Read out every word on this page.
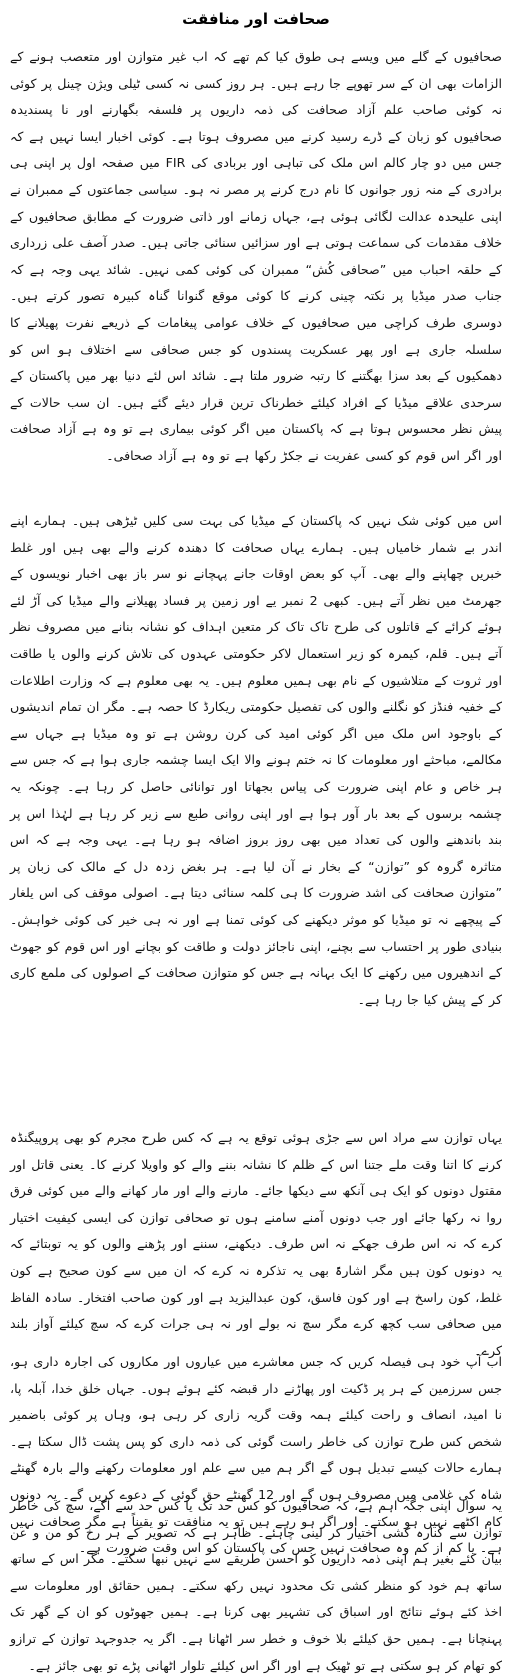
صحافت اور منافقت

صحافیوں کے گلے میں ویسے ہی طوق کیا کم تھے کہ اب غیر متوازن اور متعصب ہونے کے الزامات بھی ان کے سر تھوپے جا رہے ہیں۔ ہر روز کسی نہ کسی ٹیلی ویژن چینل پر کوئی نہ کوئی صاحب علم آزاد صحافت کی ذمہ داریوں پر فلسفہ بگھارنے اور نا پسندیدہ صحافیوں کو زبان کے ڈرے رسید کرنے میں مصروف ہوتا ہے۔ کوئی اخبار ایسا نہیں ہے کہ جس میں دو چار کالم اس ملک کی تباہی اور بربادی کی FIR میں صفحہ اول پر اپنی ہی برادری کے منہ زور جوانوں کا نام درج کرنے پر مصر نہ ہو۔ سیاسی جماعتوں کے ممبران نے اپنی علیحدہ عدالت لگائی ہوئی ہے، جہاں زمانے اور ذاتی ضرورت کے مطابق صحافیوں کے خلاف مقدمات کی سماعت ہوتی ہے اور سزائیں سنائی جاتی ہیں۔ صدر آصف علی زرداری کے حلقہ احباب میں ”صحافی کُش“ ممبران کی کوئی کمی نہیں۔ شائد یہی وجہ ہے کہ جناب صدر میڈیا پر نکتہ چینی کرنے کا کوئی موقع گنوانا گناہ کبیرہ تصور کرتے ہیں۔ دوسری طرف کراچی میں صحافیوں کے خلاف عوامی پیغامات کے ذریعے نفرت پھیلانے کا سلسلہ جاری ہے اور پھر عسکریت پسندوں کو جس صحافی سے اختلاف ہو اس کو دھمکیوں کے بعد سزا بھگتنے کا رتبہ ضرور ملتا ہے۔ شائد اس لئے دنیا بھر میں پاکستان کے سرحدی علاقے میڈیا کے افراد کیلئے خطرناک ترین قرار دیئے گئے ہیں۔ ان سب حالات کے پیش نظر محسوس ہوتا ہے کہ پاکستان میں اگر کوئی بیماری ہے تو وہ ہے آزاد صحافت اور اگر اس قوم کو کسی عفریت نے جکڑ رکھا ہے تو وہ ہے آزاد صحافی۔

اس میں کوئی شک نہیں کہ پاکستان کے میڈیا کی بہت سی کلیں ٹیڑھی ہیں۔ ہمارے اپنے اندر بے شمار خامیاں ہیں۔ ہمارے یہاں صحافت کا دھندہ کرنے والے بھی ہیں اور غلط خبریں چھاپنے والے بھی۔ آپ کو بعض اوقات جانے پہچانے نو سر باز بھی اخبار نویسوں کے جھرمٹ میں نظر آتے ہیں۔ کبھی 2 نمبر یے اور زمین پر فساد پھیلانے والے میڈیا کی آڑ لئے ہوئے کرائے کے قاتلوں کی طرح تاک تاک کر متعین اہداف کو نشانہ بنانے میں مصروف نظر آتے ہیں۔ قلم، کیمرہ کو زیر استعمال لاکر حکومتی عہدوں کی تلاش کرنے والوں یا طاقت اور ثروت کے متلاشیوں کے نام بھی ہمیں معلوم ہیں۔ یہ بھی معلوم ہے کہ وزارت اطلاعات کے خفیہ فنڈز کو نگلنے والوں کی تفصیل حکومتی ریکارڈ کا حصہ ہے۔ مگر ان تمام اندیشوں کے باوجود اس ملک میں اگر کوئی امید کی کرن روشن ہے تو وہ میڈیا ہے جہاں سے مکالمے، مباحثے اور معلومات کا نہ ختم ہونے والا ایک ایسا چشمہ جاری ہوا ہے کہ جس سے ہر خاص و عام اپنی ضرورت کی پیاس بجھاتا اور توانائی حاصل کر رہا ہے۔ چونکہ یہ چشمہ برسوں کے بعد بار آور ہوا ہے اور اپنی روانی طبع سے زیر کر رہا ہے لہٰذا اس پر بند باندھنے والوں کی تعداد میں بھی روز بروز اضافہ ہو رہا ہے۔ یہی وجہ ہے کہ اس متاثرہ گروہ کو ”توازن“ کے بخار نے آن لیا ہے۔ ہر بغض زدہ دل کے مالک کی زبان پر ”متوازن صحافت کی اشد ضرورت کا ہی کلمہ سنائی دیتا ہے۔ اصولی موقف کی اس یلغار کے پیچھے نہ تو میڈیا کو موثر دیکھنے کی کوئی تمنا ہے اور نہ ہی خیر کی کوئی خواہش۔ بنیادی طور پر احتساب سے بچنے، اپنی ناجائز دولت و طاقت کو بچانے اور اس قوم کو جھوٹ کے اندھیروں میں رکھنے کا ایک بہانہ ہے جس کو متوازن صحافت کے اصولوں کی ملمع کاری کر کے پیش کیا جا رہا ہے۔

یہاں توازن سے مراد اس سے جڑی ہوئی توقع یہ ہے کہ کس طرح مجرم کو بھی پروپیگنڈہ کرنے کا اتنا وقت ملے جتنا اس کے ظلم کا نشانہ بننے والے کو واویلا کرنے کا۔ یعنی قاتل اور مقتول دونوں کو ایک ہی آنکھ سے دیکھا جائے۔ مارنے والے اور مار کھانے والے میں کوئی فرق روا نہ رکھا جائے اور جب دونوں آمنے سامنے ہوں تو صحافی توازن کی ایسی کیفیت اختیار کرے کہ نہ اس طرف جھکے نہ اس طرف۔ دیکھنے، سننے اور پڑھنے والوں کو یہ توبتائے کہ یہ دونوں کون ہیں مگر اشارۃً بھی یہ تذکرہ نہ کرے کہ ان میں سے کون صحیح ہے کون غلط، کون راسخ ہے اور کون فاسق، کون عبدالیزید ہے اور کون صاحب افتخار۔ سادہ الفاظ میں صحافی سب کچھ کرے مگر سچ نہ بولے اور نہ ہی جرات کرے کہ سچ کیلئے آواز بلند کرے۔

اب آپ خود ہی فیصلہ کریں کہ جس معاشرے میں عیاروں اور مکاروں کی اجارہ داری ہو، جس سرزمین کے ہر پر ڈکیت اور پھاڑنے دار قبضہ کئے ہوئے ہوں۔ جہاں خلق خدا، آبلہ پا، نا امید، انصاف و راحت کیلئے ہمہ وقت گریہ زاری کر رہی ہو، وہاں پر کوئی باضمیر شخص کس طرح توازن کی خاطر راست گوئی کی ذمہ داری کو پس پشت ڈال سکتا ہے۔ ہمارے حالات کیسے تبدیل ہوں گے اگر ہم میں سے علم اور معلومات رکھنے والے بارہ گھنٹے شاہ کی غلامی میں مصروف ہوں گے اور 12 گھنٹے حق گوئی کے دعوے کریں گے۔ یہ دونوں کام اکٹھے نہیں ہو سکتے۔ اور اگر ہو رہے ہیں تو یہ منافقت تو یقیناً ہے مگر صحافت نہیں ہے۔ یا کم از کم وہ صحافت نہیں جس کی پاکستان کو اس وقت ضرورت ہے۔

یہ سوال اپنی جگہ اہم ہے، کہ صحافیوں کو کس حد تک یا کس حد سے آگے، سچ کی خاطر توازن سے کنارہ کشی اختیار کر لینی چاہئے۔ ظاہر ہے کہ تصویر کے ہر رخ کو من و عن بیان کئے بغیر ہم اپنی ذمہ داریوں کو احسن طریقے سے نہیں نبھا سکتے۔ مگر اس کے ساتھ ساتھ ہم خود کو منظر کشی تک محدود نہیں رکھ سکتے۔ ہمیں حقائق اور معلومات سے اخذ کئے ہوئے نتائج اور اسباق کی تشہیر بھی کرنا ہے۔ ہمیں جھوٹوں کو ان کے گھر تک پہنچانا ہے۔ ہمیں حق کیلئے بلا خوف و خطر سر اٹھانا ہے۔ اگر یہ جدوجہد توازن کے ترازو کو تھام کر ہو سکتی ہے تو ٹھیک ہے اور اگر اس کیلئے تلوار اٹھانی پڑے تو بھی جائز ہے۔
